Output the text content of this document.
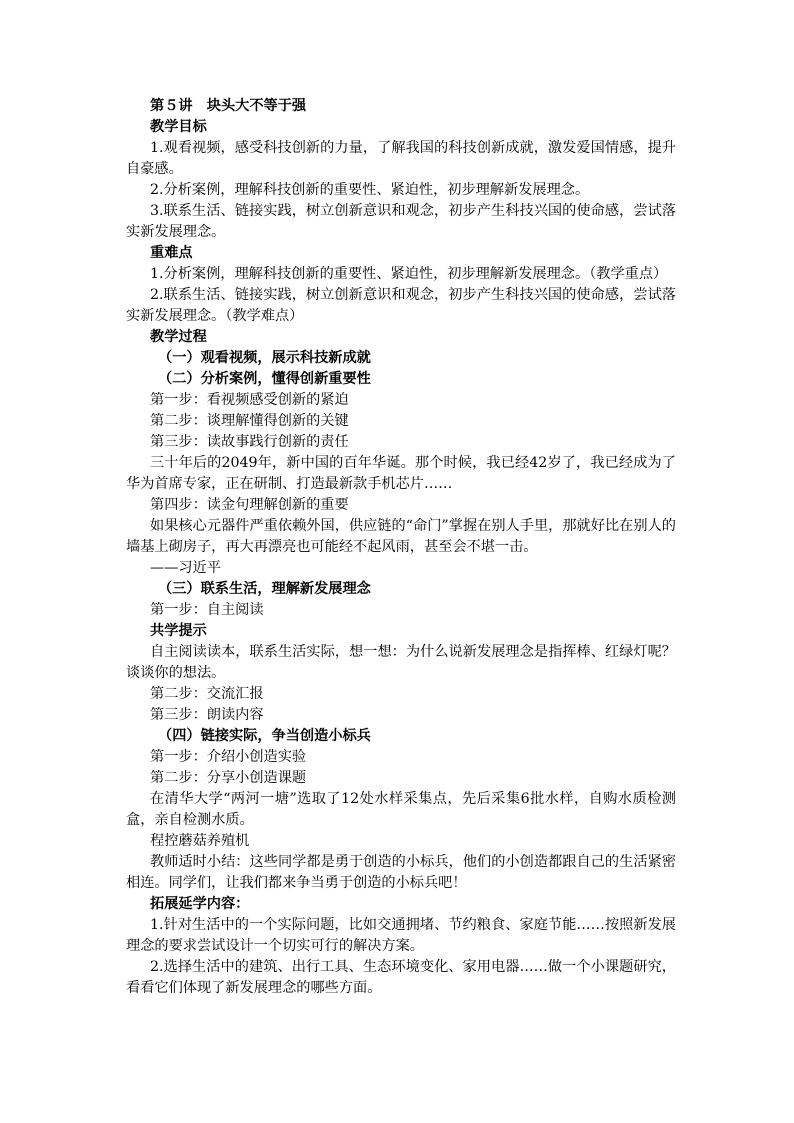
第５讲　块头大不等于强
教学目标
1.观看视频，感受科技创新的力量，了解我国的科技创新成就，激发爱国情感，提升自豪感。
2.分析案例，理解科技创新的重要性、紧迫性，初步理解新发展理念。
3.联系生活、链接实践，树立创新意识和观念，初步产生科技兴国的使命感，尝试落实新发展理念。
重难点
1.分析案例，理解科技创新的重要性、紧迫性，初步理解新发展理念。（教学重点）
2.联系生活、链接实践，树立创新意识和观念，初步产生科技兴国的使命感，尝试落实新发展理念。（教学难点）
教学过程
（一）观看视频，展示科技新成就
（二）分析案例，懂得创新重要性
第一步：看视频感受创新的紧迫
第二步：谈理解懂得创新的关键
第三步：读故事践行创新的责任
三十年后的2049年，新中国的百年华诞。那个时候，我已经42岁了，我已经成为了华为首席专家，正在研制、打造最新款手机芯片……
第四步：读金句理解创新的重要
如果核心元器件严重依赖外国，供应链的“命门”掌握在别人手里，那就好比在别人的墙基上砌房子，再大再漂亮也可能经不起风雨，甚至会不堪一击。
——习近平
（三）联系生活，理解新发展理念
第一步：自主阅读
共学提示
自主阅读读本，联系生活实际，想一想：为什么说新发展理念是指挥棒、红绿灯呢？谈谈你的想法。
第二步：交流汇报
第三步：朗读内容
（四）链接实际，争当创造小标兵
第一步：介绍小创造实验
第二步：分享小创造课题
在清华大学“两河一塘”选取了12处水样采集点，先后采集6批水样，自购水质检测盒，亲自检测水质。
程控蘑菇养殖机
教师适时小结：这些同学都是勇于创造的小标兵，他们的小创造都跟自己的生活紧密相连。同学们，让我们都来争当勇于创造的小标兵吧！
拓展延学内容：
1.针对生活中的一个实际问题，比如交通拥堵、节约粮食、家庭节能……按照新发展理念的要求尝试设计一个切实可行的解决方案。
2.选择生活中的建筑、出行工具、生态环境变化、家用电器……做一个小课题研究，看看它们体现了新发展理念的哪些方面。
